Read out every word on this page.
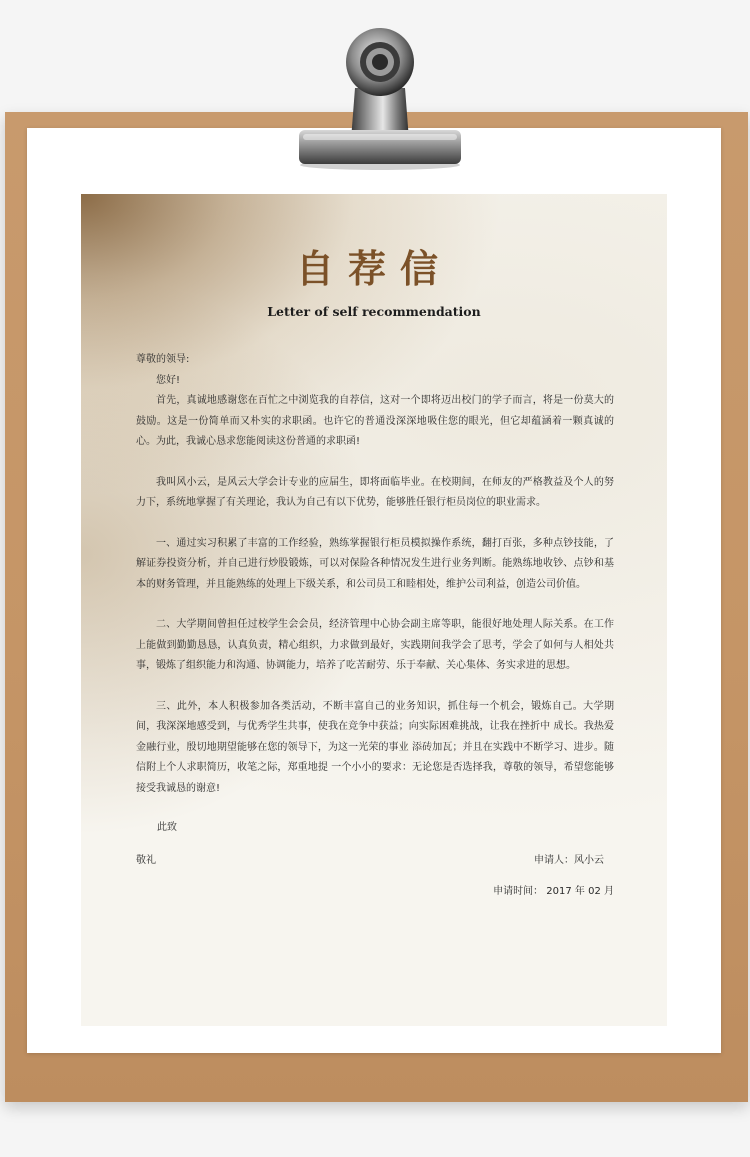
自荐信
Letter of self recommendation

尊敬的领导:

您好!

首先，真诚地感谢您在百忙之中浏览我的自荐信，这对一个即将迈出校门的学子而言，将是一份莫大的鼓励。这是一份简单而又朴实的求职函。也许它的普通没深深地吸住您的眼光，但它却蕴涵着一颗真诚的心。为此，我诚心恳求您能阅读这份普通的求职函!

我叫风小云，是风云大学会计专业的应届生，即将面临毕业。在校期间，在师友的严格教益及个人的努力下，系统地掌握了有关理论，我认为自己有以下优势，能够胜任银行柜员岗位的职业需求。

一、通过实习积累了丰富的工作经验，熟练掌握银行柜员模拟操作系统，翻打百张，多种点钞技能，了解证券投资分析，并自己进行炒股锻炼，可以对保险各种情况发生进行业务判断。能熟练地收钞、点钞和基本的财务管理，并且能熟练的处理上下级关系，和公司员工和睦相处，维护公司利益，创造公司价值。

二、大学期间曾担任过校学生会会员，经济管理中心协会副主席等职，能很好地处理人际关系。在工作上能做到勤勤恳恳，认真负责，精心组织，力求做到最好，实践期间我学会了思考，学会了如何与人相处共事，锻炼了组织能力和沟通、协调能力，培养了吃苦耐劳、乐于奉献、关心集体、务实求进的思想。

三、此外，本人积极参加各类活动，不断丰富自己的业务知识，抓住每一个机会，锻炼自己。大学期间，我深深地感受到，与优秀学生共事，使我在竞争中获益；向实际困难挑战，让我在挫折中 成长。我热爱金融行业，殷切地期望能够在您的领导下，为这一光荣的事业 添砖加瓦；并且在实践中不断学习、进步。随信附上个人求职简历，收笔之际，郑重地提 一个小小的要求：无论您是否选择我，尊敬的领导，希望您能够接受我诚恳的谢意!

此致
敬礼	申请人：风小云
申请时间： 2017 年 02 月
